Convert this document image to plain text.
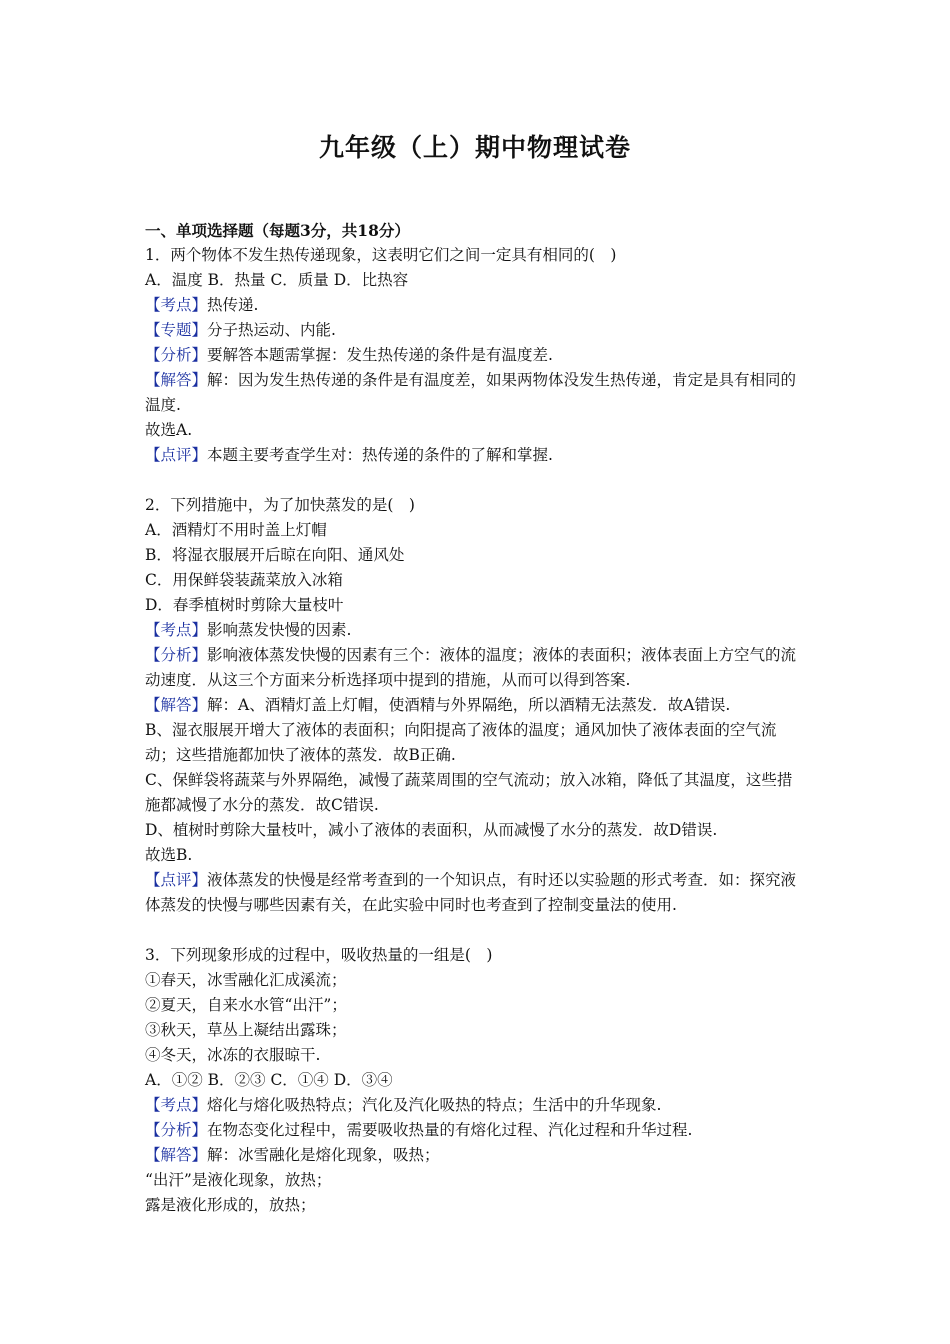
九年级（上）期中物理试卷
一、单项选择题（每题3分，共18分）
1．两个物体不发生热传递现象，这表明它们之间一定具有相同的(　)
A．温度 B．热量 C．质量 D．比热容
【考点】热传递.
【专题】分子热运动、内能.
【分析】要解答本题需掌握：发生热传递的条件是有温度差.
【解答】解：因为发生热传递的条件是有温度差，如果两物体没发生热传递，肯定是具有相同的温度.
故选A.
【点评】本题主要考查学生对：热传递的条件的了解和掌握.
2．下列措施中，为了加快蒸发的是(　)
A．酒精灯不用时盖上灯帽
B．将湿衣服展开后晾在向阳、通风处
C．用保鲜袋装蔬菜放入冰箱
D．春季植树时剪除大量枝叶
【考点】影响蒸发快慢的因素.
【分析】影响液体蒸发快慢的因素有三个：液体的温度；液体的表面积；液体表面上方空气的流动速度．从这三个方面来分析选择项中提到的措施，从而可以得到答案.
【解答】解：A、酒精灯盖上灯帽，使酒精与外界隔绝，所以酒精无法蒸发．故A错误.
B、湿衣服展开增大了液体的表面积；向阳提高了液体的温度；通风加快了液体表面的空气流动；这些措施都加快了液体的蒸发．故B正确.
C、保鲜袋将蔬菜与外界隔绝，减慢了蔬菜周围的空气流动；放入冰箱，降低了其温度，这些措施都减慢了水分的蒸发．故C错误.
D、植树时剪除大量枝叶，减小了液体的表面积，从而减慢了水分的蒸发．故D错误.
故选B.
【点评】液体蒸发的快慢是经常考查到的一个知识点，有时还以实验题的形式考查．如：探究液体蒸发的快慢与哪些因素有关，在此实验中同时也考查到了控制变量法的使用.
3．下列现象形成的过程中，吸收热量的一组是(　)
①春天，冰雪融化汇成溪流；
②夏天，自来水水管“出汗”；
③秋天，草丛上凝结出露珠；
④冬天，冰冻的衣服晾干.
A．①② B．②③ C．①④ D．③④
【考点】熔化与熔化吸热特点；汽化及汽化吸热的特点；生活中的升华现象.
【分析】在物态变化过程中，需要吸收热量的有熔化过程、汽化过程和升华过程.
【解答】解：冰雪融化是熔化现象，吸热；
“出汗”是液化现象，放热；
露是液化形成的，放热；
